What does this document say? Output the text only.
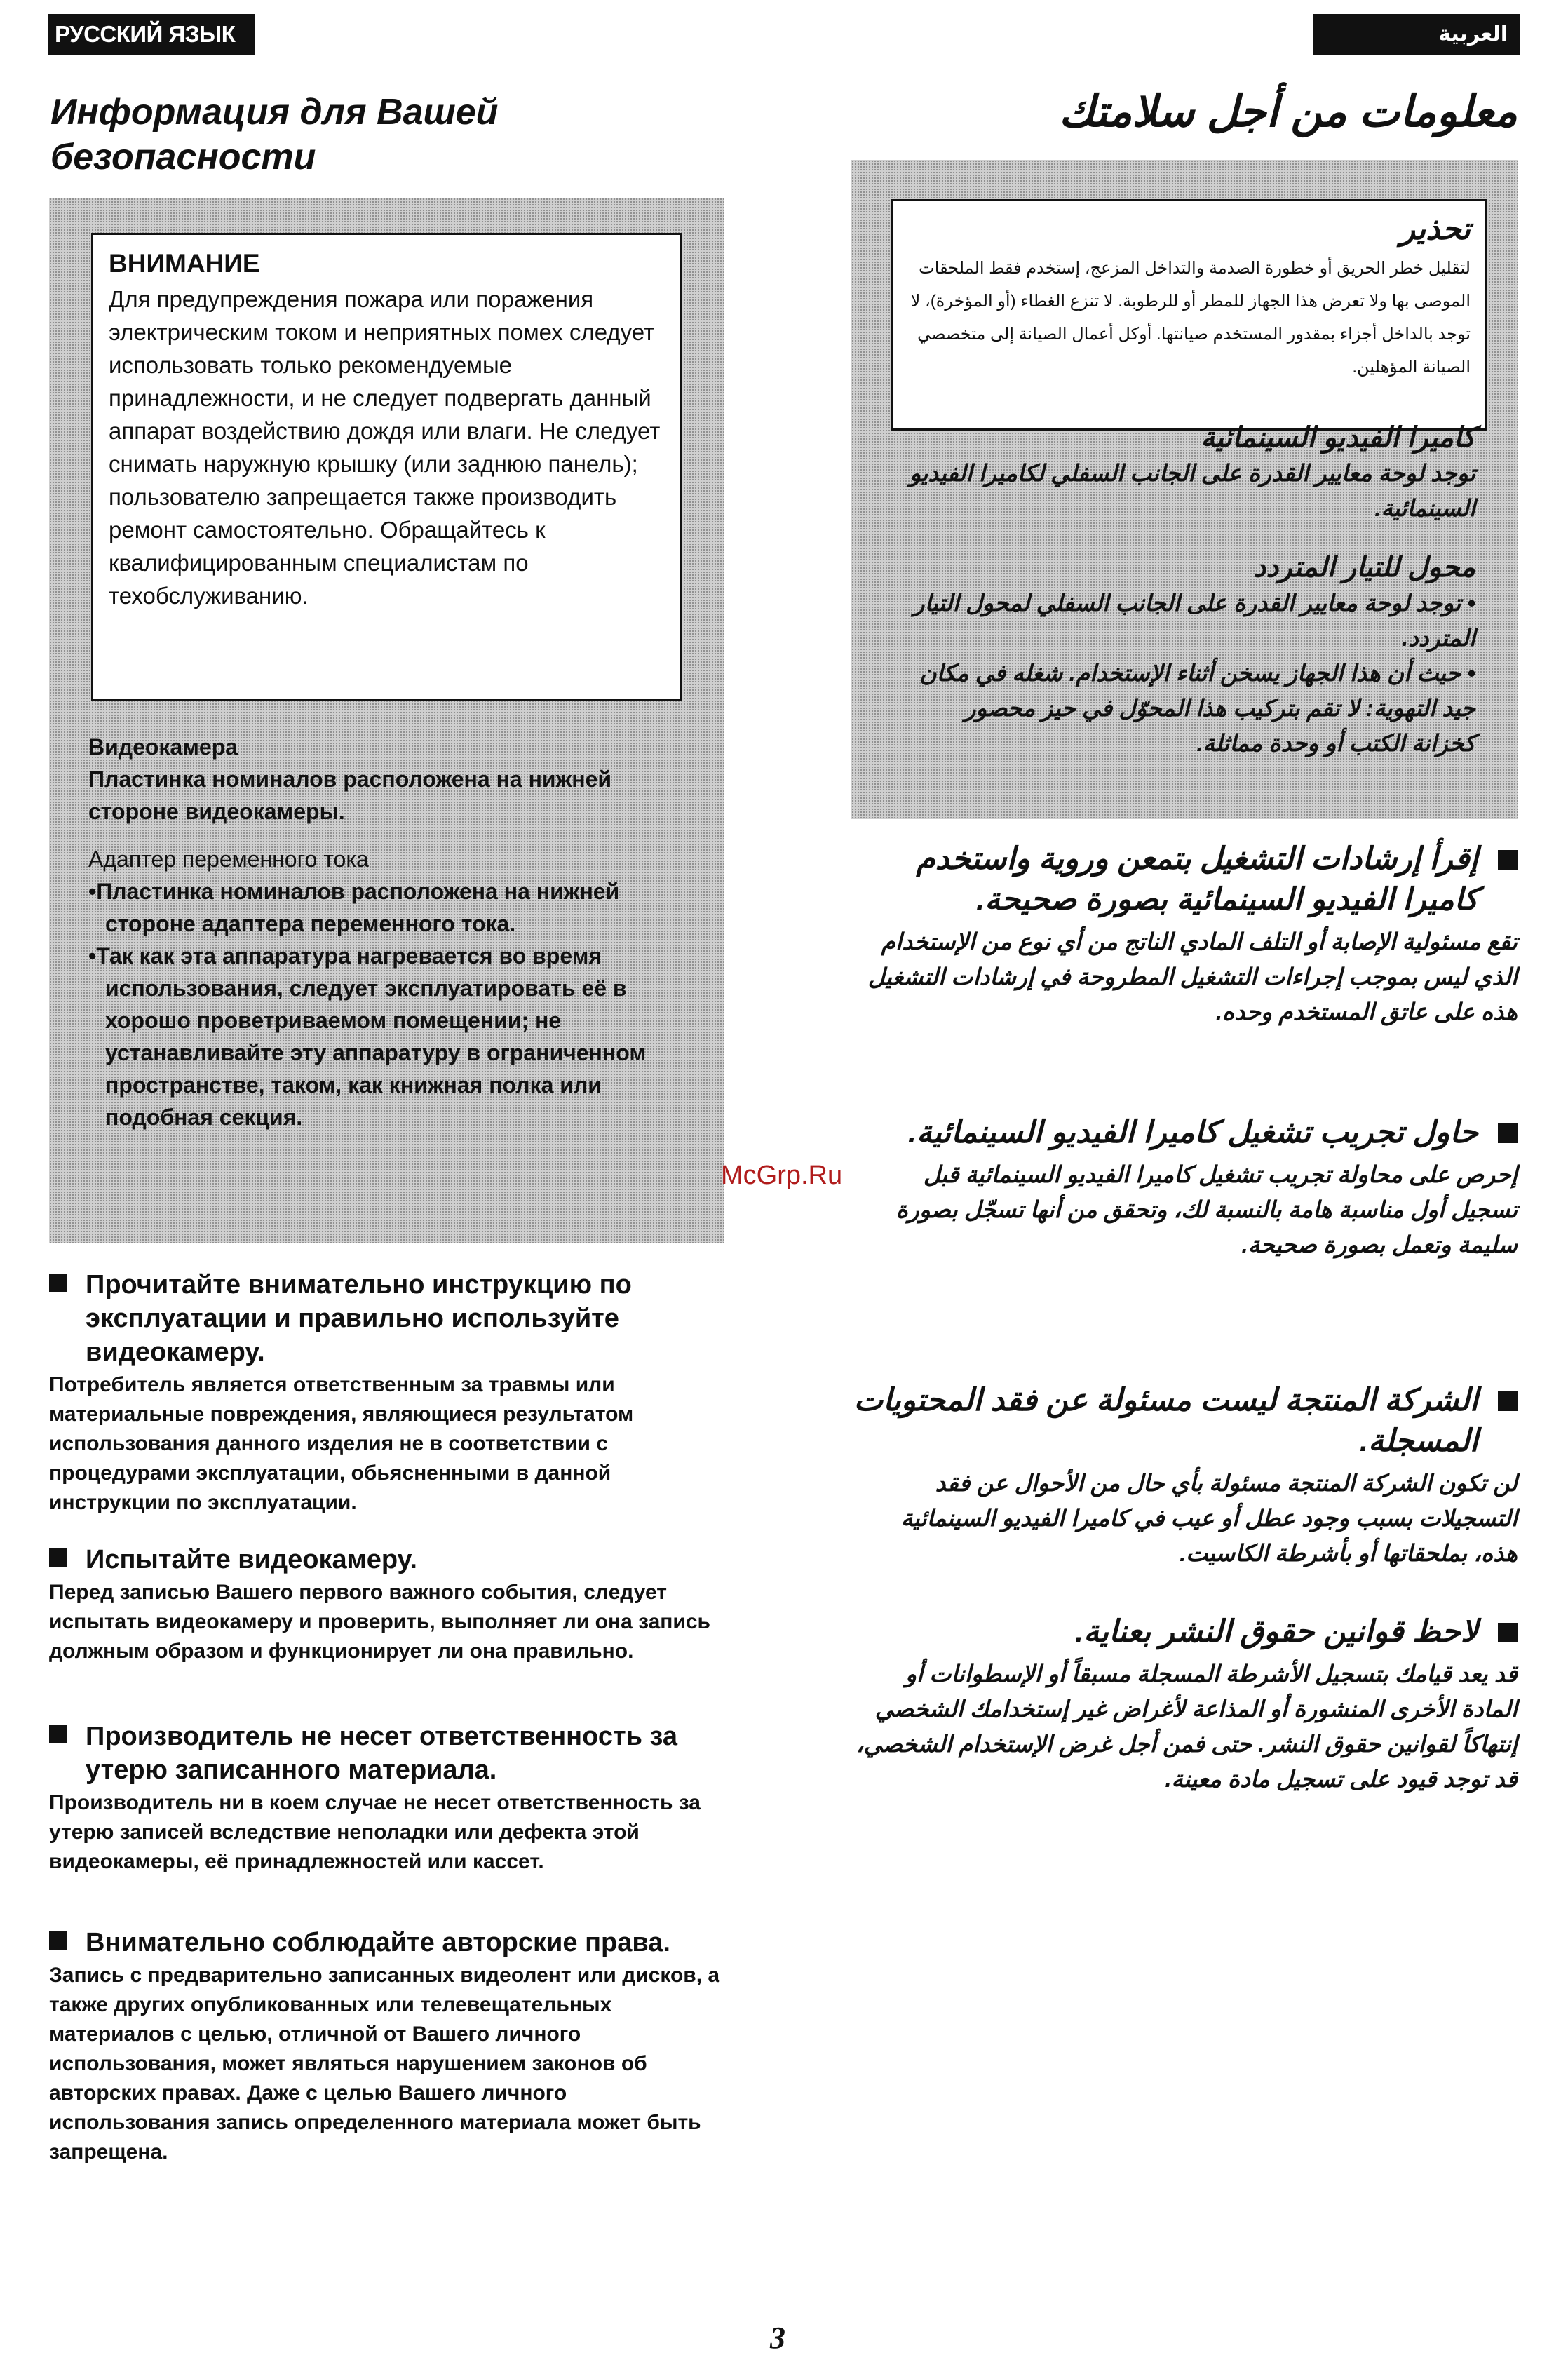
РУССКИЙ ЯЗЫК	العربية
Информация для Вашей безопасности
معلومات من أجل سلامتك

ВНИМАНИЕ

Для предупреждения пожара или поражения электрическим током и неприятных помех следует использовать только рекомендуемые принадлежности, и не следует подвергать данный аппарат воздействию дождя или влаги. Не следует снимать наружную крышку (или заднюю панель); пользователю запрещается также производить ремонт самостоятельно. Обращайтесь к квалифицированным специалистам по техобслуживанию.

Видеокамера
Пластинка номиналов расположена на нижней стороне видеокамеры.
Адаптер переменного тока
•Пластинка номиналов расположена на нижней стороне адаптера переменного тока.
•Так как эта аппаратура нагревается во время использования, следует эксплуатировать её в хорошо проветриваемом помещении; не устанавливайте эту аппаратуру в ограниченном пространстве, таком, как книжная полка или подобная секция.

تحذير

لتقليل خطر الحريق أو خطورة الصدمة والتداخل المزعج، إستخدم فقط الملحقات الموصى بها ولا تعرض هذا الجهاز للمطر أو للرطوبة. لا تنزع الغطاء (أو المؤخرة)، لا توجد بالداخل أجزاء بمقدور المستخدم صيانتها. أوكل أعمال الصيانة إلى متخصصي الصيانة المؤهلين.

كاميرا الفيديو السينمائية
توجد لوحة معايير القدرة على الجانب السفلي لكاميرا الفيديو السينمائية.
محول للتيار المتردد
• توجد لوحة معايير القدرة على الجانب السفلي لمحول التيار المتردد.
• حيث أن هذا الجهاز يسخن أثناء الإستخدام. شغله في مكان جيد التهوية: لا تقم بتركيب هذا المحوّل في حيز محصور كخزانة الكتب أو وحدة مماثلة.
Прочитайте внимательно инструкцию по эксплуатации и правильно используйте видеокамеру.
Потребитель является ответственным за травмы или материальные повреждения, являющиеся результатом использования данного изделия не в соответствии с процедурами эксплуатации, обьясненными в данной инструкции по эксплуатации.
Испытайте видеокамеру.
Перед записью Вашего первого важного события, следует испытать видеокамеру и проверить, выполняет ли она запись должным образом и функционирует ли она правильно.
Производитель не несет ответственность за утерю записанного материала.
Производитель ни в коем случае не несет ответственность за утерю записей вследствие неполадки или дефекта этой видеокамеры, её принадлежностей или кассет.
Внимательно соблюдайте авторские права.
Запись с предварительно записанных видеолент или дисков, а также других опубликованных или телевещательных материалов с целью, отличной от Вашего личного использования, может являться нарушением законов об авторских правах. Даже с целью Вашего личного использования запись определенного материала может быть запрещена.
إقرأ إرشادات التشغيل بتمعن وروية واستخدم كاميرا الفيديو السينمائية بصورة صحيحة.
تقع مسئولية الإصابة أو التلف المادي الناتج من أي نوع من الإستخدام الذي ليس بموجب إجراءات التشغيل المطروحة في إرشادات التشغيل هذه على عاتق المستخدم وحده.
حاول تجريب تشغيل كاميرا الفيديو السينمائية.
إحرص على محاولة تجريب تشغيل كاميرا الفيديو السينمائية قبل تسجيل أول مناسبة هامة بالنسبة لك، وتحقق من أنها تسجّل بصورة سليمة وتعمل بصورة صحيحة.
الشركة المنتجة ليست مسئولة عن فقد المحتويات المسجلة.
لن تكون الشركة المنتجة مسئولة بأي حال من الأحوال عن فقد التسجيلات بسبب وجود عطل أو عيب في كاميرا الفيديو السينمائية هذه، بملحقاتها أو بأشرطة الكاسيت.
لاحظ قوانين حقوق النشر بعناية.
قد يعد قيامك بتسجيل الأشرطة المسجلة مسبقاً أو الإسطوانات أو المادة الأخرى المنشورة أو المذاعة لأغراض غير إستخدامك الشخصي إنتهاكاً لقوانين حقوق النشر. حتى فمن أجل غرض الإستخدام الشخصي، قد توجد قيود على تسجيل مادة معينة.
McGrp.Ru
3
